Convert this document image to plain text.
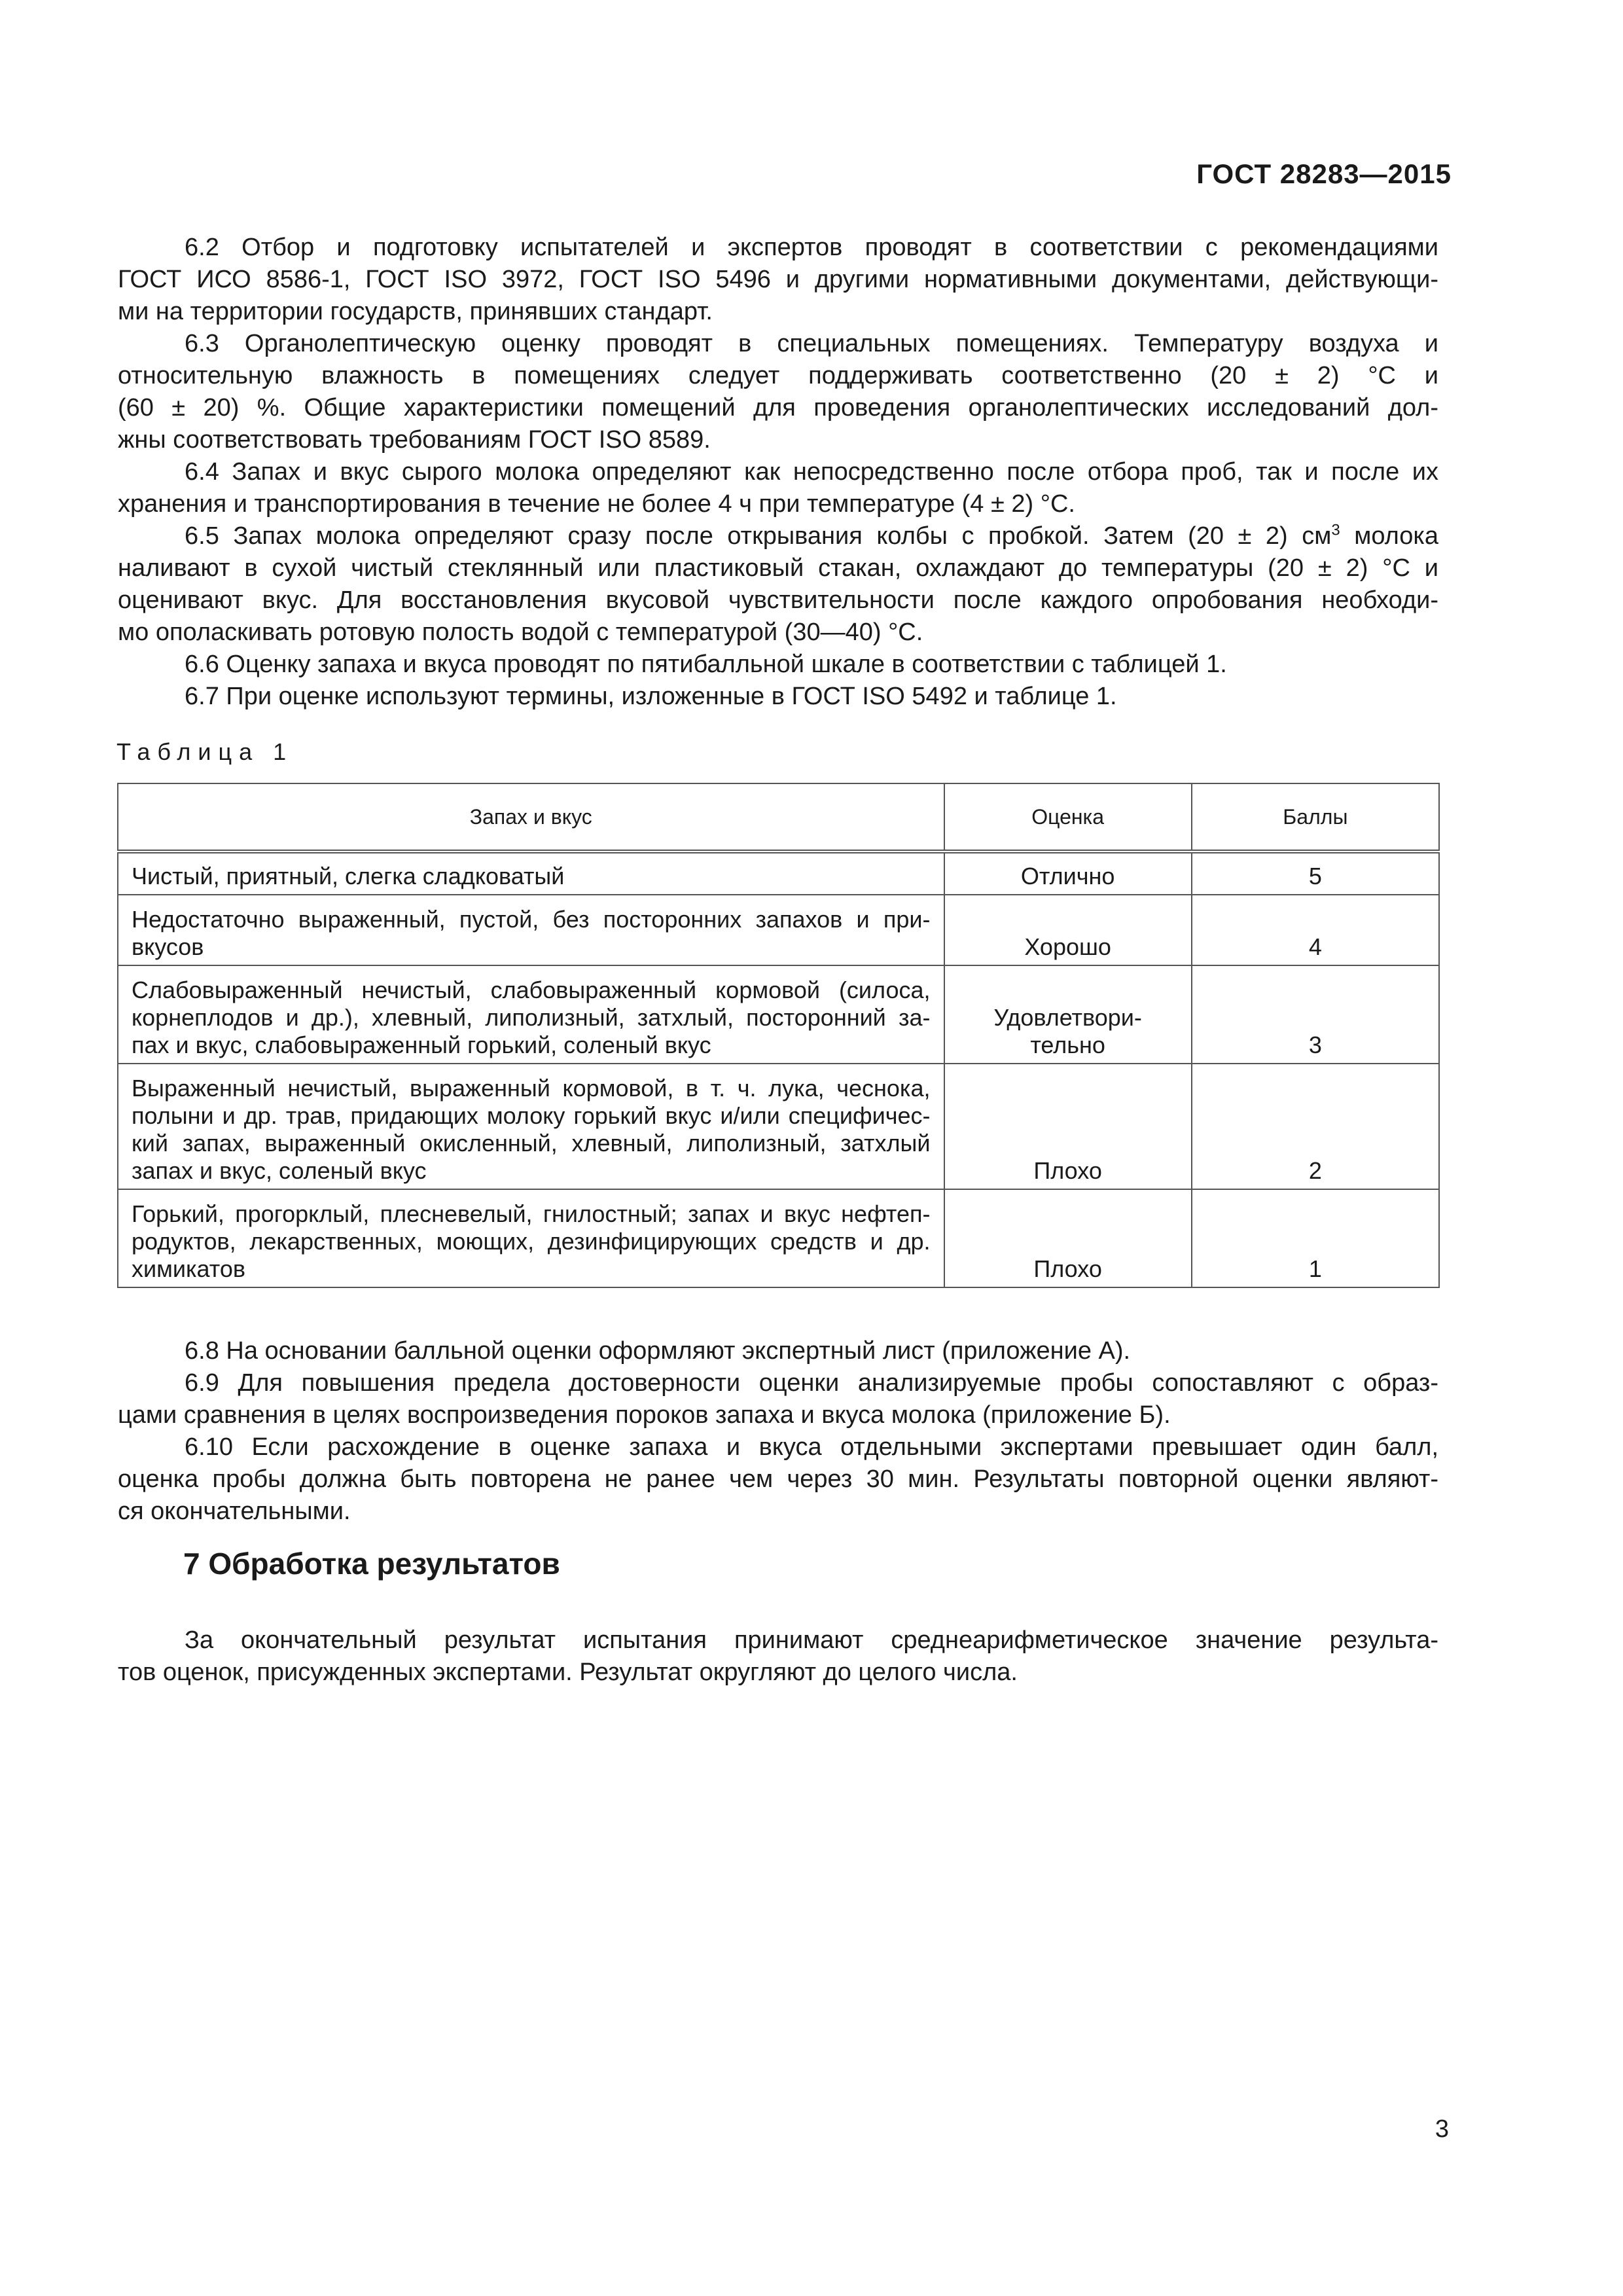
ГОСТ 28283—2015
6.2 Отбор и подготовку испытателей и экспертов проводят в соответствии с рекомендациями
ГОСТ ИСО 8586-1, ГОСТ ISO 3972, ГОСТ ISO 5496 и другими нормативными документами, действующи-
ми на территории государств, принявших стандарт.
6.3 Органолептическую оценку проводят в специальных помещениях. Температуру воздуха и
относительную влажность в помещениях следует поддерживать соответственно (20 ± 2) °С и
(60 ± 20) %. Общие характеристики помещений для проведения органолептических исследований дол-
жны соответствовать требованиям ГОСТ ISO 8589.
6.4 Запах и вкус сырого молока определяют как непосредственно после отбора проб, так и после их
хранения и транспортирования в течение не более 4 ч при температуре (4 ± 2) °С.
6.5 Запах молока определяют сразу после открывания колбы с пробкой. Затем (20 ± 2) $см^3$ молока
наливают в сухой чистый стеклянный или пластиковый стакан, охлаждают до температуры (20 ± 2) °С и
оценивают вкус. Для восстановления вкусовой чувствительности после каждого опробования необходи-
мо ополаскивать ротовую полость водой с температурой (30—40) °С.
6.6 Оценку запаха и вкуса проводят по пятибалльной шкале в соответствии с таблицей 1.
6.7 При оценке используют термины, изложенные в ГОСТ ISO 5492 и таблице 1.
Таблица 1
Запах и вкус	Оценка	Баллы

Чистый, приятный, слегка сладковатый	Отлично	5

Недостаточно выраженный, пустой, без посторонних запахов и при-
вкусов	Хорошо	4

Слабовыраженный нечистый, слабовыраженный кормовой (силоса,
корнеплодов и др.), хлевный, липолизный, затхлый, посторонний за-
пах и вкус, слабовыраженный горький, соленый вкус	Удовлетвори-
тельно	3

Выраженный нечистый, выраженный кормовой, в т. ч. лука, чеснока,
полыни и др. трав, придающих молоку горький вкус и/или специфичес-
кий запах, выраженный окисленный, хлевный, липолизный, затхлый
запах и вкус, соленый вкус	Плохо	2

Горький, прогорклый, плесневелый, гнилостный; запах и вкус нефтеп-
родуктов, лекарственных, моющих, дезинфицирующих средств и др.
химикатов	Плохо	1
6.8 На основании балльной оценки оформляют экспертный лист (приложение А).
6.9 Для повышения предела достоверности оценки анализируемые пробы сопоставляют с образ-
цами сравнения в целях воспроизведения пороков запаха и вкуса молока (приложение Б).
6.10 Если расхождение в оценке запаха и вкуса отдельными экспертами превышает один балл,
оценка пробы должна быть повторена не ранее чем через 30 мин. Результаты повторной оценки являют-
ся окончательными.
7 Обработка результатов
За окончательный результат испытания принимают среднеарифметическое значение результа-
тов оценок, присужденных экспертами. Результат округляют до целого числа.
3
